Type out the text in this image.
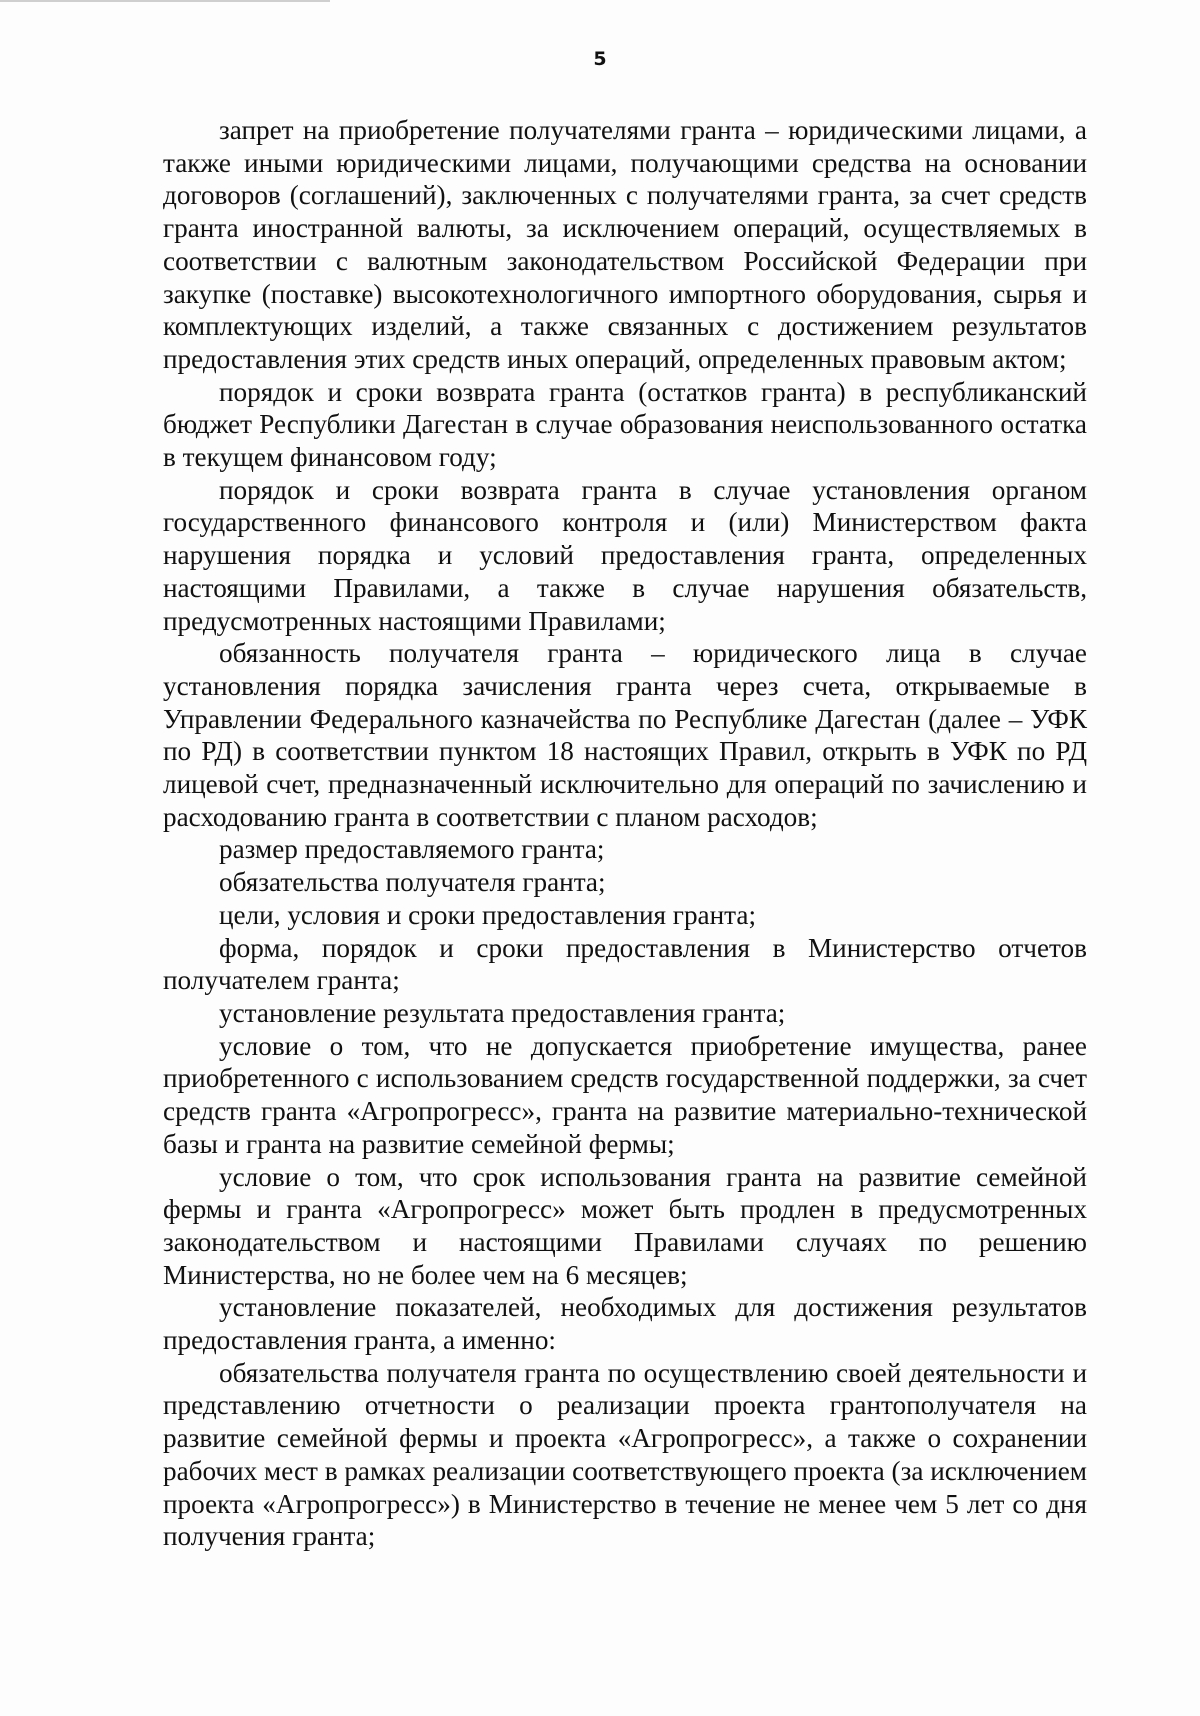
5

запрет на приобретение получателями гранта – юридическими лицами, а также иными юридическими лицами, получающими средства на основании договоров (соглашений), заключенных с получателями гранта, за счет средств гранта иностранной валюты, за исключением операций, осуществляемых в соответствии с валютным законодательством Российской Федерации при закупке (поставке) высокотехнологичного импортного оборудования, сырья и комплектующих изделий, а также связанных с достижением результатов предоставления этих средств иных операций, определенных правовым актом;

порядок и сроки возврата гранта (остатков гранта) в республиканский бюджет Республики Дагестан в случае образования неиспользованного остатка в текущем финансовом году;

порядок и сроки возврата гранта в случае установления органом государственного финансового контроля и (или) Министерством факта нарушения порядка и условий предоставления гранта, определенных настоящими Правилами, а также в случае нарушения обязательств, предусмотренных настоящими Правилами;

обязанность получателя гранта – юридического лица в случае установления порядка зачисления гранта через счета, открываемые в Управлении Федерального казначейства по Республике Дагестан (далее – УФК по РД) в соответствии пунктом 18 настоящих Правил, открыть в УФК по РД лицевой счет, предназначенный исключительно для операций по зачислению и расходованию гранта в соответствии с планом расходов;

размер предоставляемого гранта;

обязательства получателя гранта;

цели, условия и сроки предоставления гранта;

форма, порядок и сроки предоставления в Министерство отчетов получателем гранта;

установление результата предоставления гранта;

условие о том, что не допускается приобретение имущества, ранее приобретенного с использованием средств государственной поддержки, за счет средств гранта «Агропрогресс», гранта на развитие материально-технической базы и гранта на развитие семейной фермы;

условие о том, что срок использования гранта на развитие семейной фермы и гранта «Агропрогресс» может быть продлен в предусмотренных законодательством и настоящими Правилами случаях по решению Министерства, но не более чем на 6 месяцев;

установление показателей, необходимых для достижения результатов предоставления гранта, а именно:

обязательства получателя гранта по осуществлению своей деятельности и представлению отчетности о реализации проекта грантополучателя на развитие семейной фермы и проекта «Агропрогресс», а также о сохранении рабочих мест в рамках реализации соответствующего проекта (за исключением проекта «Агропрогресс») в Министерство в течение не менее чем 5 лет со дня получения гранта;
